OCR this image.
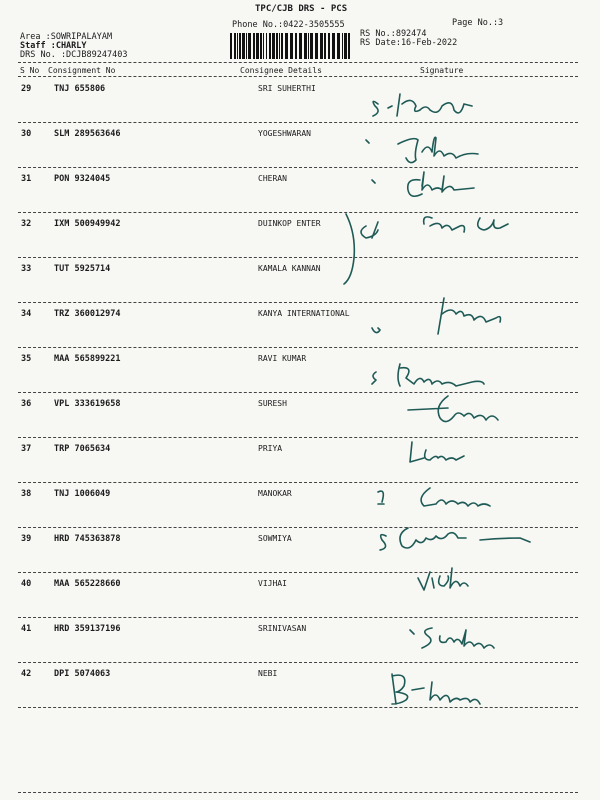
TPC/CJB DRS - PCS
Phone No.:0422-3505555	Page No.:3
RS No.:892474
RS Date:16-Feb-2022
Area :SOWRIPALAYAM
Staff :CHARLY
DRS No. :DCJB89247403
S No Consignment No	Consignee Details	Signature
29	TNJ 655806	SRI SUHERTHI
30	SLM 289563646	YOGESHWARAN
31	PON 9324045	CHERAN
32	IXM 500949942	DUINKOP ENTER
33	TUT 5925714	KAMALA KANNAN
34	TRZ 360012974	KANYA INTERNATIONAL
35	MAA 565899221	RAVI KUMAR
36	VPL 333619658	SURESH
37	TRP 7065634	PRIYA
38	TNJ 1006049	MANOKAR
39	HRD 745363878	SOWMIYA
40	MAA 565228660	VIJHAI
41	HRD 359137196	SRINIVASAN
42	DPI 5074063	NEBI
